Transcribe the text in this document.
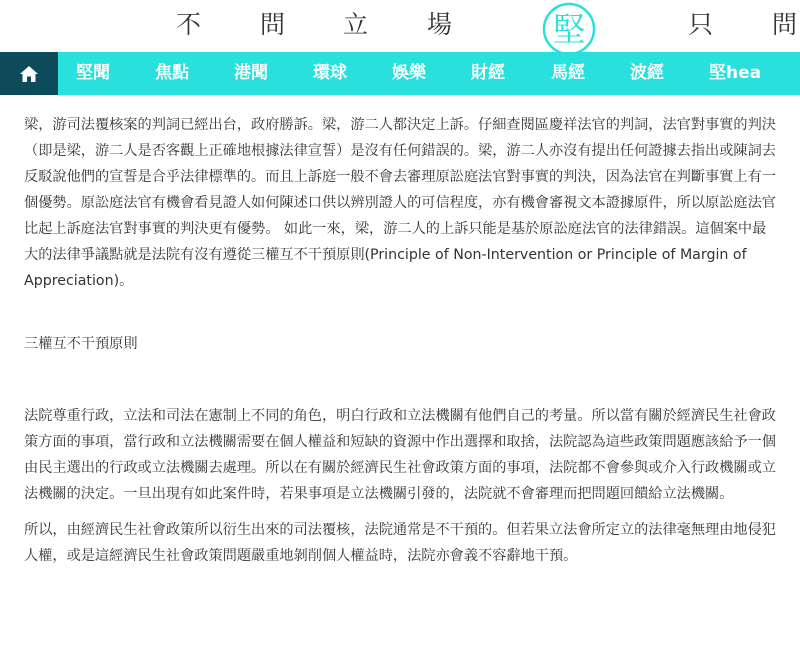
不 問 立 場	堅	只 問
堅聞	焦點	港聞	環球	娛樂	財經	馬經	波經	堅hea

梁，游司法覆核案的判詞已經出台，政府勝訴。梁，游二人都決定上訴。仔細查閱區慶祥法官的判詞，法官對事實的判決（即是梁，游二人是否客觀上正確地根據法律宣誓）是沒有任何錯誤的。梁，游二人亦沒有提出任何證據去指出或陳詞去反駁說他們的宣誓是合乎法律標準的。而且上訴庭一般不會去審理原訟庭法官對事實的判決，因為法官在判斷事實上有一個優勢。原訟庭法官有機會看見證人如何陳述口供以辨別證人的可信程度，亦有機會審視文本證據原件，所以原訟庭法官比起上訴庭法官對事實的判決更有優勢。 如此一來，梁，游二人的上訴只能是基於原訟庭法官的法律錯誤。這個案中最大的法律爭議點就是法院有沒有遵從三權互不干預原則(Principle of Non-Intervention or Principle of Margin of Appreciation)。

三權互不干預原則

法院尊重行政，立法和司法在憲制上不同的角色，明白行政和立法機關有他們自己的考量。所以當有關於經濟民生社會政策方面的事項，當行政和立法機關需要在個人權益和短缺的資源中作出選擇和取捨，法院認為這些政策問題應該給予一個由民主選出的行政或立法機關去處理。所以在有關於經濟民生社會政策方面的事項，法院都不會參與或介入行政機關或立法機關的決定。一旦出現有如此案件時，若果事項是立法機關引發的，法院就不會審理而把問題回饋給立法機關。

所以，由經濟民生社會政策所以衍生出來的司法覆核，法院通常是不干預的。但若果立法會所定立的法律毫無理由地侵犯人權，或是這經濟民生社會政策問題嚴重地剝削個人權益時，法院亦會義不容辭地干預。
